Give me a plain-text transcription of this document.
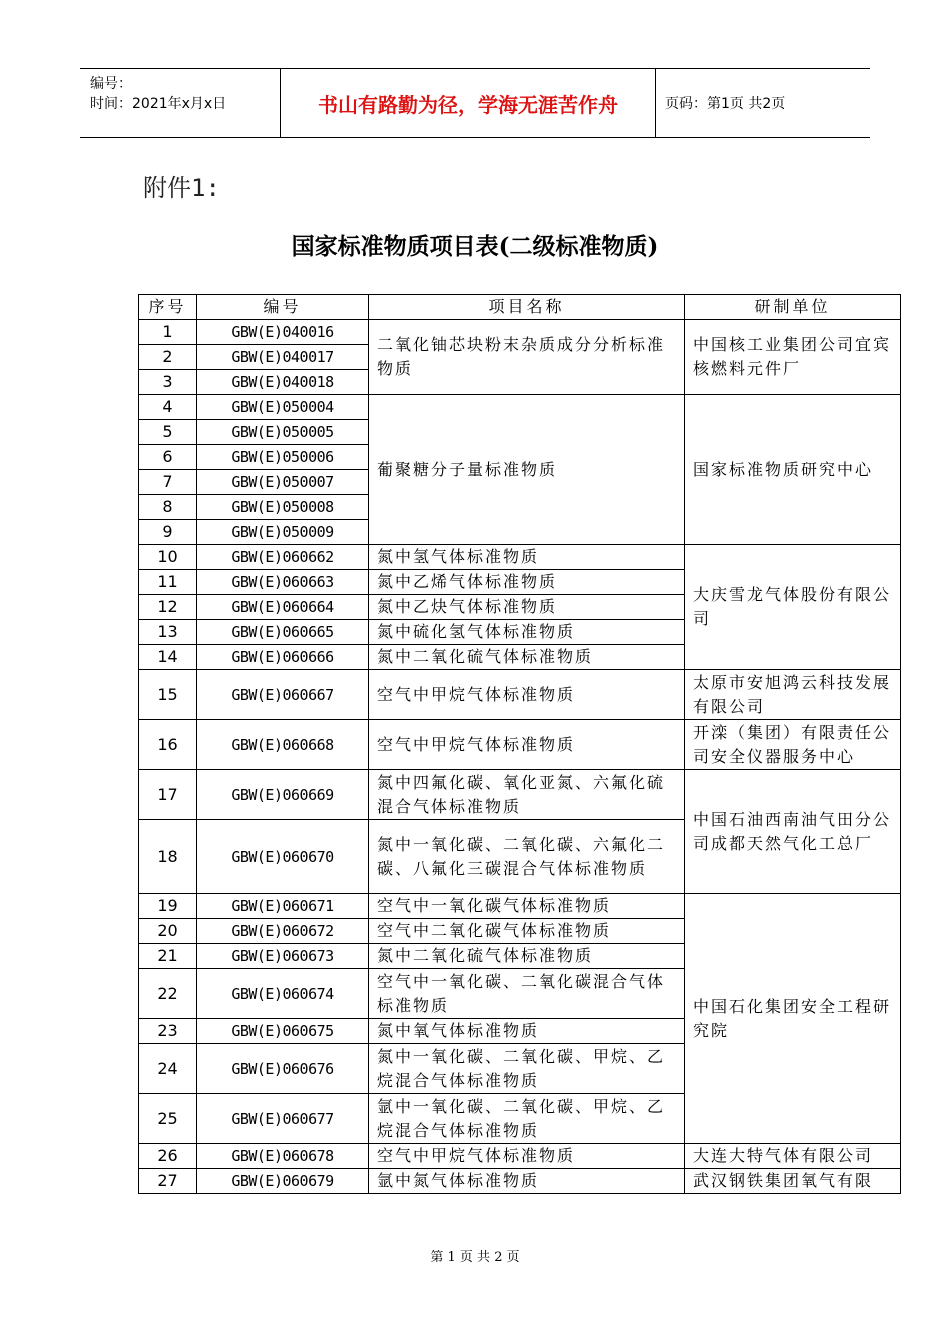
编号：
时间：2021年x月x日	书山有路勤为径，学海无涯苦作舟	页码：第1页 共2页
附件1:
国家标准物质项目表(二级标准物质)
序号	编号	项目名称	研制单位
1	GBW(E)040016	二氧化铀芯块粉末杂质成分分析标准物质	中国核工业集团公司宜宾核燃料元件厂
2	GBW(E)040017		
3	GBW(E)040018		
4	GBW(E)050004	葡聚糖分子量标准物质	国家标准物质研究中心
5	GBW(E)050005		
6	GBW(E)050006		
7	GBW(E)050007		
8	GBW(E)050008		
9	GBW(E)050009		
10	GBW(E)060662	氮中氢气体标准物质	大庆雪龙气体股份有限公司
11	GBW(E)060663	氮中乙烯气体标准物质	
12	GBW(E)060664	氮中乙炔气体标准物质	
13	GBW(E)060665	氮中硫化氢气体标准物质	
14	GBW(E)060666	氮中二氧化硫气体标准物质	
15	GBW(E)060667	空气中甲烷气体标准物质	太原市安旭鸿云科技发展有限公司
16	GBW(E)060668	空气中甲烷气体标准物质	开滦（集团）有限责任公司安全仪器服务中心
17	GBW(E)060669	氮中四氟化碳、氧化亚氮、六氟化硫混合气体标准物质	中国石油西南油气田分公司成都天然气化工总厂
18	GBW(E)060670	氮中一氧化碳、二氧化碳、六氟化二碳、八氟化三碳混合气体标准物质	
19	GBW(E)060671	空气中一氧化碳气体标准物质	中国石化集团安全工程研究院
20	GBW(E)060672	空气中二氧化碳气体标准物质	
21	GBW(E)060673	氮中二氧化硫气体标准物质	
22	GBW(E)060674	空气中一氧化碳、二氧化碳混合气体标准物质	
23	GBW(E)060675	氮中氧气体标准物质	
24	GBW(E)060676	氮中一氧化碳、二氧化碳、甲烷、乙烷混合气体标准物质	
25	GBW(E)060677	氩中一氧化碳、二氧化碳、甲烷、乙烷混合气体标准物质	
26	GBW(E)060678	空气中甲烷气体标准物质	大连大特气体有限公司
27	GBW(E)060679	氩中氮气体标准物质	武汉钢铁集团氧气有限
第 1 页 共 2 页
